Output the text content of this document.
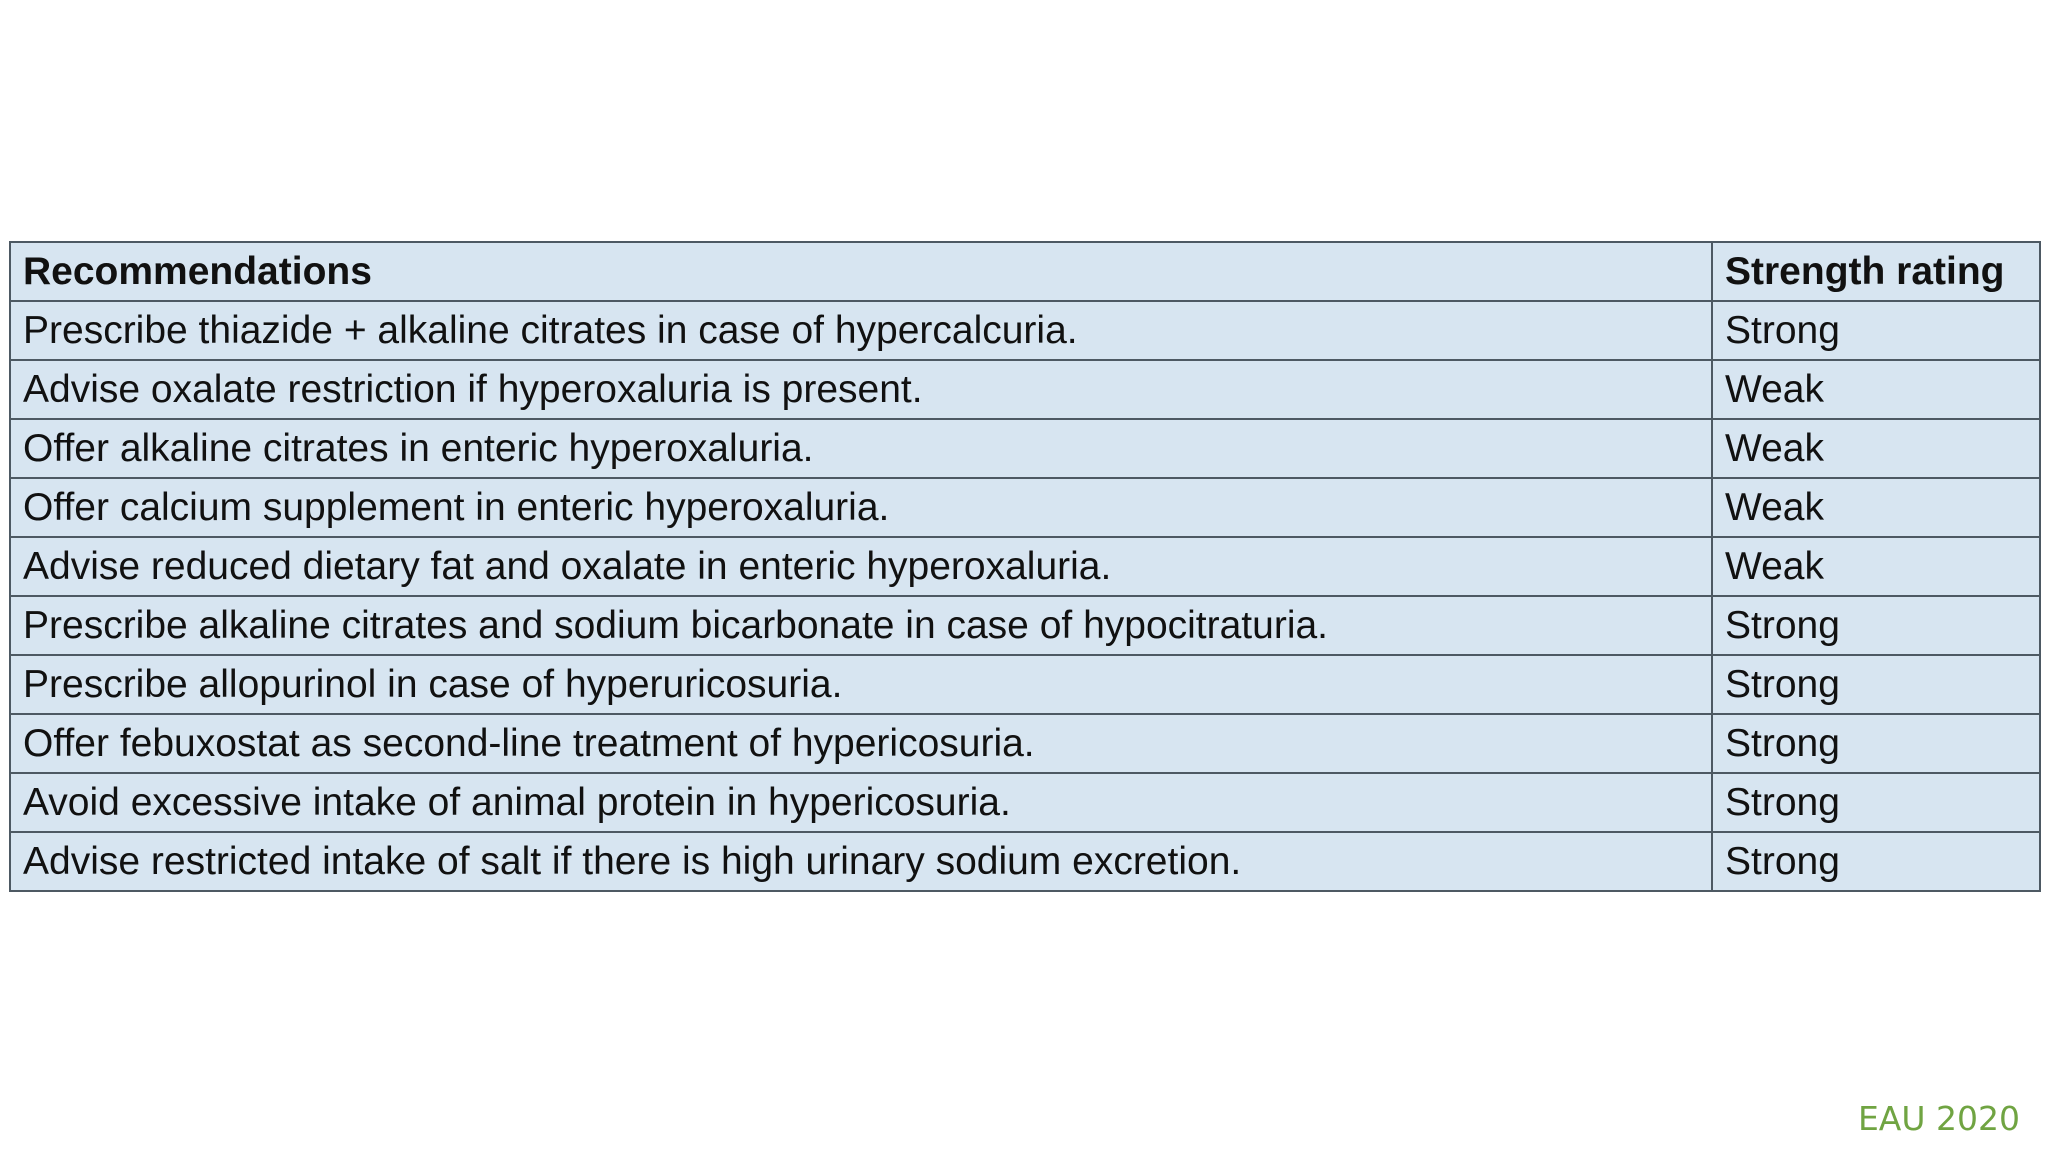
Recommendations	Strength rating
Prescribe thiazide + alkaline citrates in case of hypercalcuria.	Strong
Advise oxalate restriction if hyperoxaluria is present.	Weak
Offer alkaline citrates in enteric hyperoxaluria.	Weak
Offer calcium supplement in enteric hyperoxaluria.	Weak
Advise reduced dietary fat and oxalate in enteric hyperoxaluria.	Weak
Prescribe alkaline citrates and sodium bicarbonate in case of hypocitraturia.	Strong
Prescribe allopurinol in case of hyperuricosuria.	Strong
Offer febuxostat as second-line treatment of hypericosuria.	Strong
Avoid excessive intake of animal protein in hypericosuria.	Strong
Advise restricted intake of salt if there is high urinary sodium excretion.	Strong
EAU 2020
